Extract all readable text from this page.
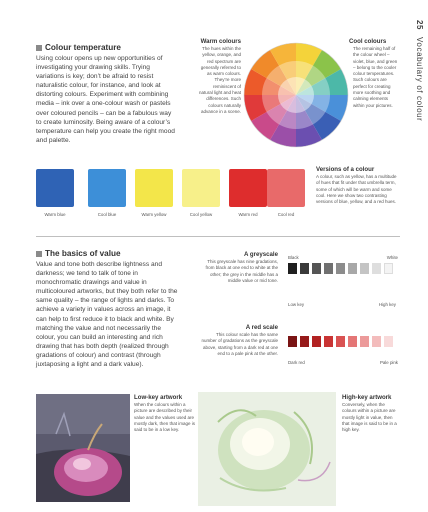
25 Vocabulary of colour
Colour temperature
Using colour opens up new opportunities of investigating your drawing skills. Trying variations is key; don’t be afraid to resist naturalistic colour, for instance, and look at distorting colours. Experiment with combining media – ink over a one-colour wash or pastels over coloured pencils – can be a fabulous way to create luminosity. Being aware of a colour’s temperature can help you create the right mood and palette.
Warm colours
The hues within the yellow, orange, and red spectrum are generally referred to as warm colours. They’re more reminiscent of natural light and heat differences. Such colours naturally advance in a scene.
Cool colours
The remaining half of the colour wheel – violet, blue, and green – belong to the cooler colour temperatures. Such colours are perfect for creating more soothing and calming elements within your pictures.
Warm blue	Cool blue	Warm yellow	Cool yellow	Warm red	Cool red
Versions of a colour
A colour, such as yellow, has a multitude of hues that fit under that umbrella term, some of which will be warm and some cool. Here we show two contrasting versions of blue, yellow, and a red hues.
The basics of value
Value and tone both describe lightness and darkness; we tend to talk of tone in monochromatic drawings and value in multicoloured artworks, but they both refer to the same quality – the range of lights and darks. To achieve a variety in values across an image, it can help to first reduce it to black and white. By matching the value and not necessarily the colour, you can build an interesting and rich drawing that has both depth (realized through gradations of colour) and contrast (through juxtaposing a light and a dark value).
A greyscale
This greyscale has nine gradations, from black at one end to white at the other; the grey in the middle has a middle value or mid tone.
Black	White
Low key	High key
A red scale
This colour scale has the same number of gradations as the greyscale above, starting from a dark red at one end to a pale pink at the other.
Dark red	Pale pink
Low-key artwork
When the colours within a picture are described by their value and the values used are mostly dark, then that image is said to be in a low key.
High-key artwork
Conversely, when the colours within a picture are mostly light in value, then that image is said to be in a high key.
